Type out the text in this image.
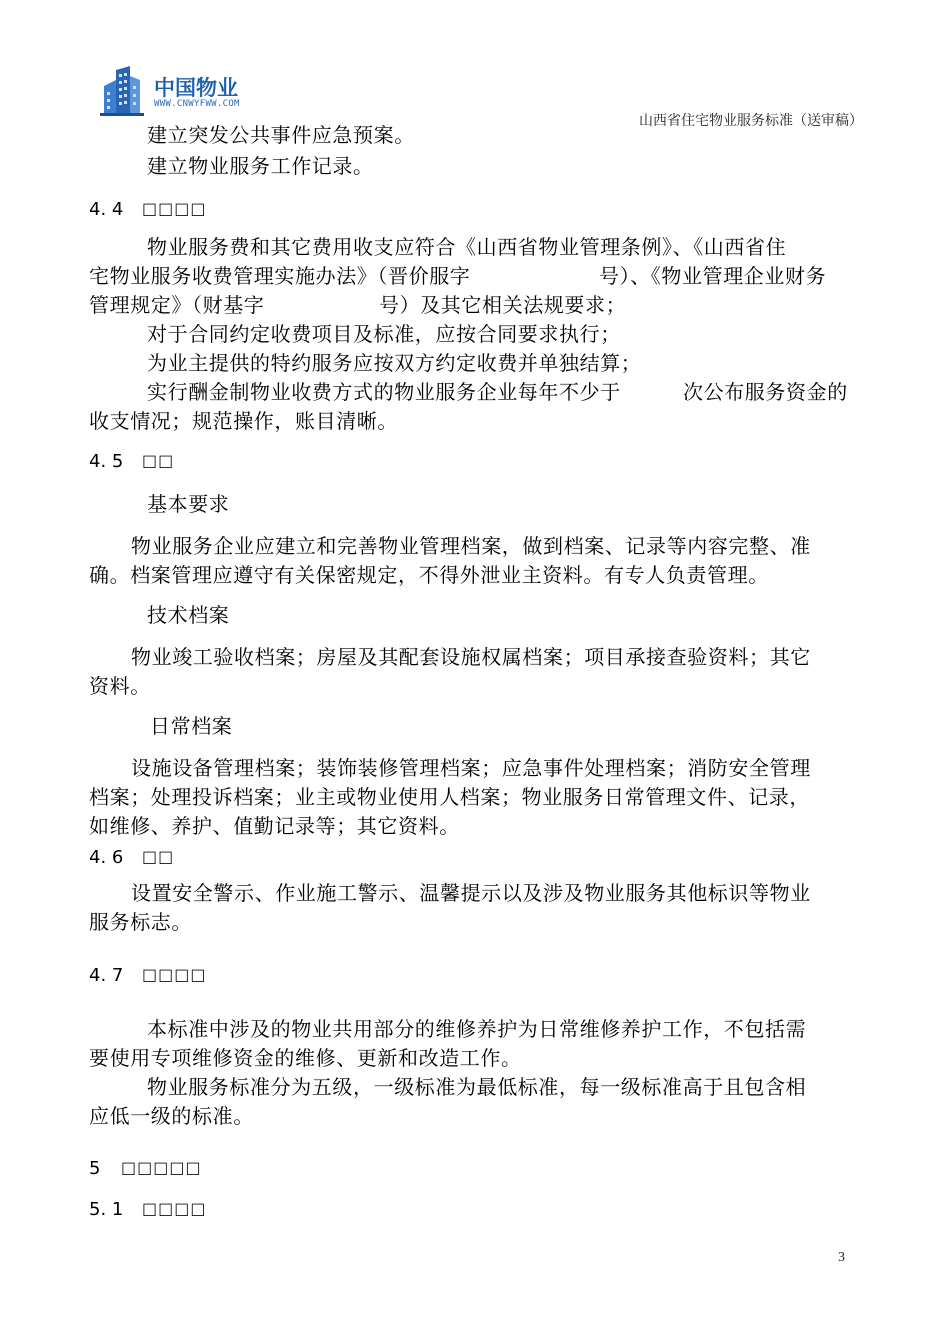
中国物业
WWW.CNWYFWW.COM
山西省住宅物业服务标准（送审稿）
建立突发公共事件应急预案。
建立物业服务工作记录。
4. 4 □□□□
物业服务费和其它费用收支应符合《山西省物业管理条例》、《山西省住
宅物业服务收费管理实施办法》（晋价服字	号）、《物业管理企业财务
管理规定》（财基字	号）及其它相关法规要求；
对于合同约定收费项目及标准，应按合同要求执行；
为业主提供的特约服务应按双方约定收费并单独结算；
实行酬金制物业收费方式的物业服务企业每年不少于	次公布服务资金的
收支情况；规范操作，账目清晰。
4. 5 □□
基本要求
物业服务企业应建立和完善物业管理档案，做到档案、记录等内容完整、准
确。档案管理应遵守有关保密规定，不得外泄业主资料。有专人负责管理。
技术档案
物业竣工验收档案；房屋及其配套设施权属档案；项目承接查验资料；其它
资料。
日常档案
设施设备管理档案；装饰装修管理档案；应急事件处理档案；消防安全管理
档案；处理投诉档案；业主或物业使用人档案；物业服务日常管理文件、记录，
如维修、养护、值勤记录等；其它资料。
4. 6 □□
设置安全警示、作业施工警示、温馨提示以及涉及物业服务其他标识等物业
服务标志。
4. 7 □□□□
本标准中涉及的物业共用部分的维修养护为日常维修养护工作，不包括需
要使用专项维修资金的维修、更新和改造工作。
物业服务标准分为五级，一级标准为最低标准，每一级标准高于且包含相
应低一级的标准。
5 □□□□□
5. 1 □□□□
3
